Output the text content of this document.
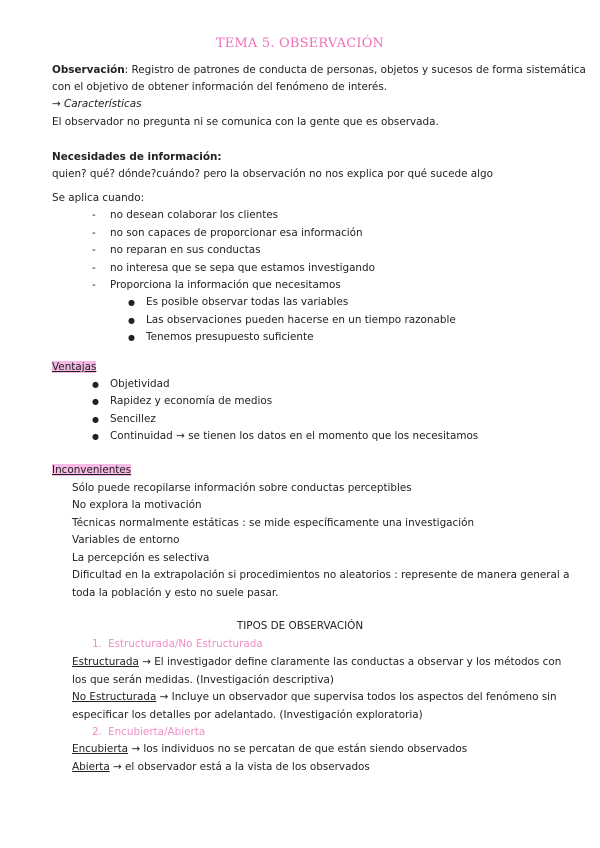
TEMA 5. OBSERVACIÓN
Observación: Registro de patrones de conducta de personas, objetos y sucesos de forma sistemática
con el objetivo de obtener información del fenómeno de interés.
→ Características
El observador no pregunta ni se comunica con la gente que es observada.
Necesidades de información:
quien? qué? dónde?cuándo? pero la observación no nos explica por qué sucede algo
Se aplica cuando:
- no desean colaborar los clientes
- no son capaces de proporcionar esa información
- no reparan en sus conductas
- no interesa que se sepa que estamos investigando
- Proporciona la información que necesitamos
● Es posible observar todas las variables
● Las observaciones pueden hacerse en un tiempo razonable
● Tenemos presupuesto suficiente
Ventajas
● Objetividad
● Rapidez y economía de medios
● Sencillez
● Continuidad → se tienen los datos en el momento que los necesitamos
Inconvenientes
Sólo puede recopilarse información sobre conductas perceptibles
No explora la motivación
Técnicas normalmente estáticas : se mide específicamente una investigación
Variables de entorno
La percepción es selectiva
Dificultad en la extrapolación si procedimientos no aleatorios : represente de manera general a
toda la población y esto no suele pasar.
TIPOS DE OBSERVACIÓN
1. Estructurada/No Estructurada
Estructurada → El investigador define claramente las conductas a observar y los métodos con
los que serán medidas. (Investigación descriptiva)
No Estructurada → Incluye un observador que supervisa todos los aspectos del fenómeno sin
especificar los detalles por adelantado. (Investigación exploratoria)
2. Encubierta/Abierta
Encubierta → los individuos no se percatan de que están siendo observados
Abierta → el observador está a la vista de los observados
